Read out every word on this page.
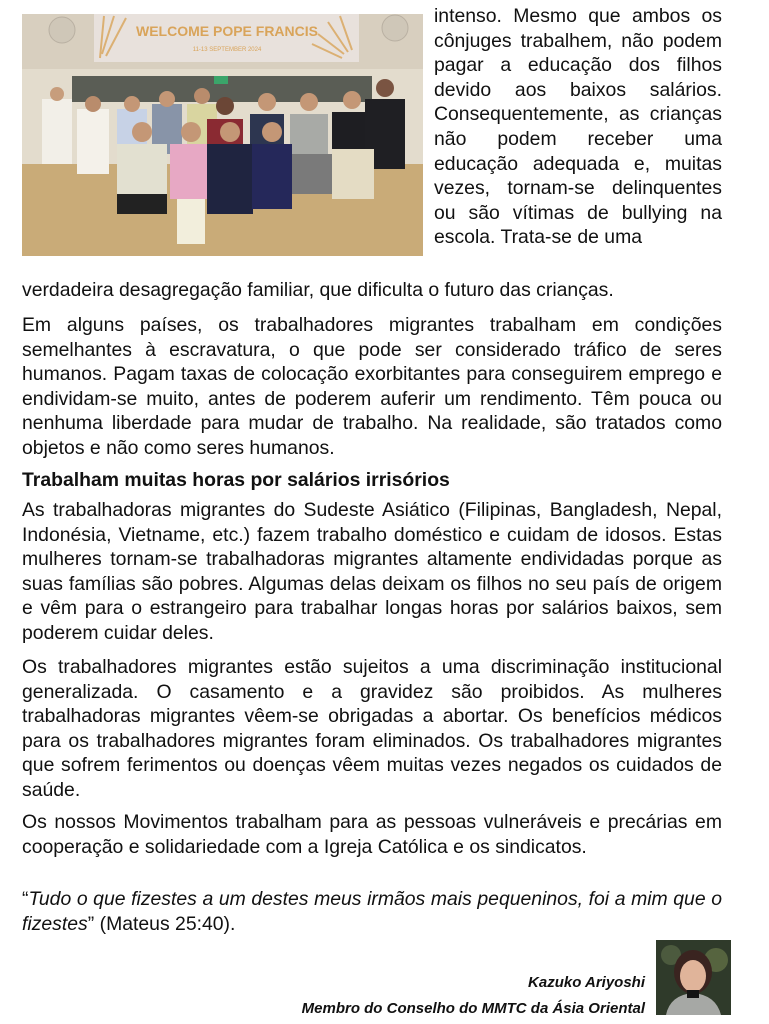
WELCOME POPE FRANCIS
11-13 SEPTEMBER 2024

intenso. Mesmo que ambos os cônjuges trabalhem, não podem pagar a educação dos filhos devido aos baixos salários. Consequentemente, as crianças não podem receber uma educação adequada e, muitas vezes, tornam-se delinquentes ou são vítimas de bullying na escola. Trata-se de uma

verdadeira desagregação familiar, que dificulta o futuro das crianças.

Em alguns países, os trabalhadores migrantes trabalham em condições semelhantes à escravatura, o que pode ser considerado tráfico de seres humanos. Pagam taxas de colocação exorbitantes para conseguirem emprego e endividam-se muito, antes de poderem auferir um rendimento. Têm pouca ou nenhuma liberdade para mudar de trabalho. Na realidade, são tratados como objetos e não como seres humanos.

Trabalham muitas horas por salários irrisórios

As trabalhadoras migrantes do Sudeste Asiático (Filipinas, Bangladesh, Nepal, Indonésia, Vietname, etc.) fazem trabalho doméstico e cuidam de idosos. Estas mulheres tornam-se trabalhadoras migrantes altamente endividadas porque as suas famílias são pobres. Algumas delas deixam os filhos no seu país de origem e vêm para o estrangeiro para trabalhar longas horas por salários baixos, sem poderem cuidar deles.

Os trabalhadores migrantes estão sujeitos a uma discriminação institucional generalizada. O casamento e a gravidez são proibidos. As mulheres trabalhadoras migrantes vêem-se obrigadas a abortar. Os benefícios médicos para os trabalhadores migrantes foram eliminados. Os trabalhadores migrantes que sofrem ferimentos ou doenças vêem muitas vezes negados os cuidados de saúde.

Os nossos Movimentos trabalham para as pessoas vulneráveis e precárias em cooperação e solidariedade com a Igreja Católica e os sindicatos.

“Tudo o que fizestes a um destes meus irmãos mais pequeninos, foi a mim que o fizestes” (Mateus 25:40).

Kazuko Ariyoshi
Membro do Conselho do MMTC da Ásia Oriental
